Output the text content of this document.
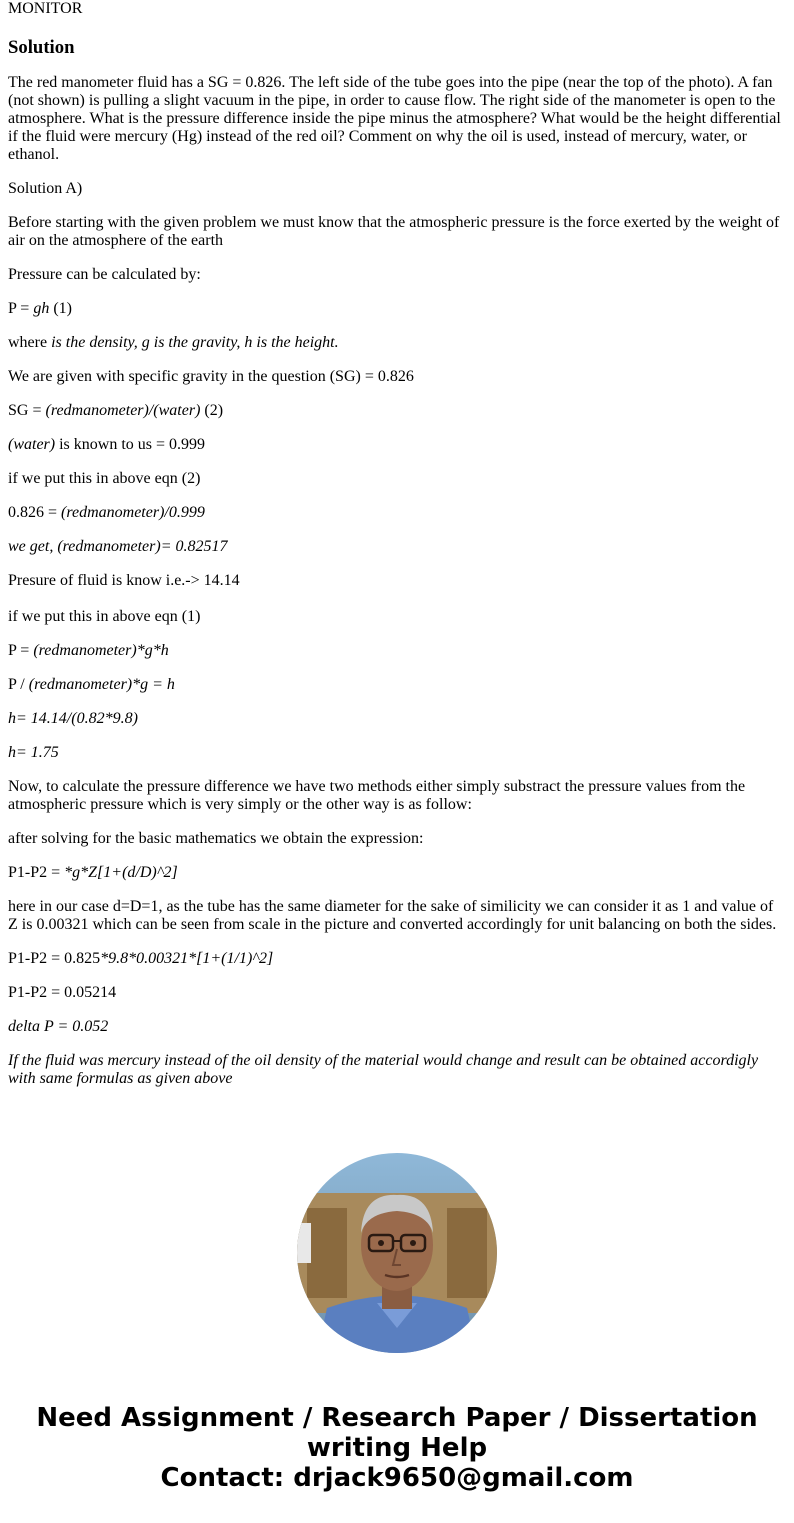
MONITOR
Solution

The red manometer fluid has a SG = 0.826. The left side of the tube goes into the pipe (near the top of the photo). A fan (not shown) is pulling a slight vacuum in the pipe, in order to cause flow. The right side of the manometer is open to the atmosphere. What is the pressure difference inside the pipe minus the atmosphere? What would be the height differential if the fluid were mercury (Hg) instead of the red oil? Comment on why the oil is used, instead of mercury, water, or ethanol.

Solution A)

Before starting with the given problem we must know that the atmospheric pressure is the force exerted by the weight of air on the atmosphere of the earth

Pressure can be calculated by:

P = gh (1)

where is the density, g is the gravity, h is the height.

We are given with specific gravity in the question (SG) = 0.826

SG = (redmanometer)/(water) (2)

(water) is known to us = 0.999

if we put this in above eqn (2)

0.826 = (redmanometer)/0.999

we get, (redmanometer)= 0.82517

Presure of fluid is know i.e.-> 14.14

if we put this in above eqn (1)

P = (redmanometer)*g*h

P / (redmanometer)*g = h

h= 14.14/(0.82*9.8)

h= 1.75

Now, to calculate the pressure difference we have two methods either simply substract the pressure values from the atmospheric pressure which is very simply or the other way is as follow:

after solving for the basic mathematics we obtain the expression:

P1-P2 = *g*Z[1+(d/D)^2]

here in our case d=D=1, as the tube has the same diameter for the sake of similicity we can consider it as 1 and value of Z is 0.00321 which can be seen from scale in the picture and converted accordingly for unit balancing on both the sides.

P1-P2 = 0.825*9.8*0.00321*[1+(1/1)^2]

P1-P2 = 0.05214

delta P = 0.052

If the fluid was mercury instead of the oil density of the material would change and result can be obtained accordigly with same formulas as given above

Need Assignment / Research Paper / Dissertation
writing Help
Contact: drjack9650@gmail.com
